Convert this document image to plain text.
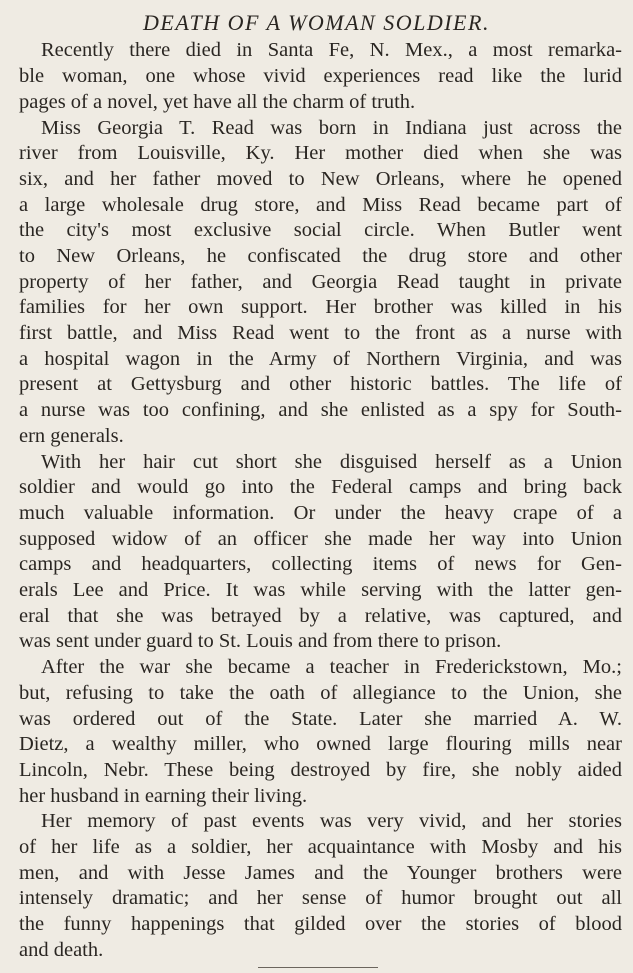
DEATH OF A WOMAN SOLDIER.
Recently there died in Santa Fe, N. Mex., a most remarka-
ble woman, one whose vivid experiences read like the lurid
pages of a novel, yet have all the charm of truth.
Miss Georgia T. Read was born in Indiana just across the
river from Louisville, Ky. Her mother died when she was
six, and her father moved to New Orleans, where he opened
a large wholesale drug store, and Miss Read became part of
the city's most exclusive social circle. When Butler went
to New Orleans, he confiscated the drug store and other
property of her father, and Georgia Read taught in private
families for her own support. Her brother was killed in his
first battle, and Miss Read went to the front as a nurse with
a hospital wagon in the Army of Northern Virginia, and was
present at Gettysburg and other historic battles. The life of
a nurse was too confining, and she enlisted as a spy for South-
ern generals.
With her hair cut short she disguised herself as a Union
soldier and would go into the Federal camps and bring back
much valuable information. Or under the heavy crape of a
supposed widow of an officer she made her way into Union
camps and headquarters, collecting items of news for Gen-
erals Lee and Price. It was while serving with the latter gen-
eral that she was betrayed by a relative, was captured, and
was sent under guard to St. Louis and from there to prison.
After the war she became a teacher in Frederickstown, Mo.;
but, refusing to take the oath of allegiance to the Union, she
was ordered out of the State. Later she married A. W.
Dietz, a wealthy miller, who owned large flouring mills near
Lincoln, Nebr. These being destroyed by fire, she nobly aided
her husband in earning their living.
Her memory of past events was very vivid, and her stories
of her life as a soldier, her acquaintance with Mosby and his
men, and with Jesse James and the Younger brothers were
intensely dramatic; and her sense of humor brought out all
the funny happenings that gilded over the stories of blood
and death.
